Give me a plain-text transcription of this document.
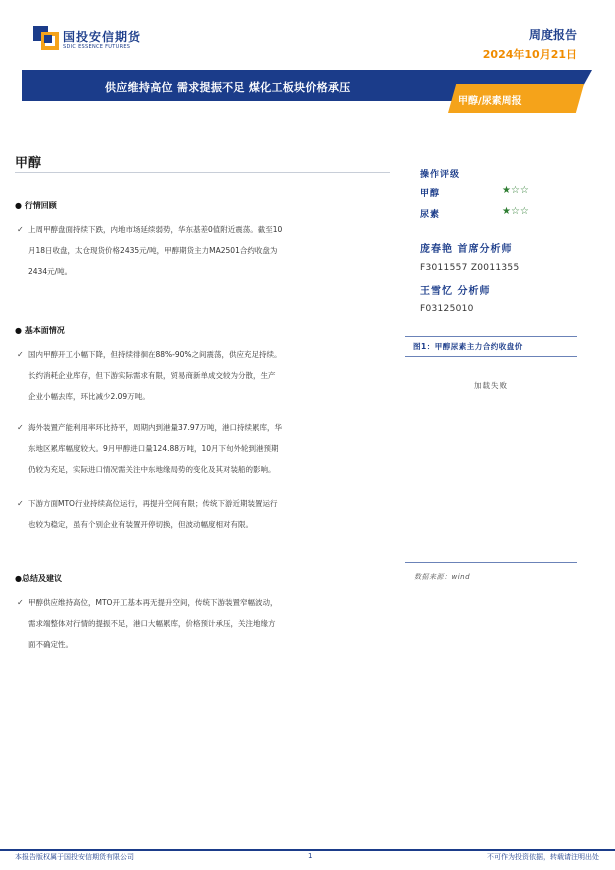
国投安信期货
SDIC ESSENCE FUTURES
周度报告
2024年10月21日
供应维持高位 需求提振不足 煤化工板块价格承压
甲醇/尿素周报
甲醇
● 行情回顾
✓ 上周甲醇盘面持续下跌，内地市场延续弱势，华东基差0值附近震荡。截至10
月18日收盘，太仓现货价格2435元/吨，甲醇期货主力MA2501合约收盘为
2434元/吨。
● 基本面情况
✓ 国内甲醇开工小幅下降，但持续徘徊在88%-90%之间震荡，供应充足持续。
长约消耗企业库存，但下游实际需求有限，贸易商新单成交较为分散，生产
企业小幅去库，环比减少2.09万吨。
✓ 海外装置产能利用率环比持平，周期内到港量37.97万吨，港口持续累库，华
东地区累库幅度较大。9月甲醇进口量124.88万吨，10月下旬外轮到港预期
仍较为充足，实际进口情况需关注中东地缘局势的变化及其对装船的影响。
✓ 下游方面MTO行业持续高位运行，再提升空间有限；传统下游近期装置运行
也较为稳定，虽有个别企业有装置开停切换，但波动幅度相对有限。
●总结及建议
✓ 甲醇供应维持高位，MTO开工基本再无提升空间，传统下游装置窄幅波动，
需求端整体对行情的提振不足，港口大幅累库，价格预计承压，关注地缘方
面不确定性。
操作评级
甲醇	★☆☆
尿素	★☆☆
庞春艳 首席分析师
F3011557 Z0011355
王雪忆 分析师
F03125010
图1：甲醇尿素主力合约收盘价
加载失败
数据来源：wind
本报告版权属于国投安信期货有限公司	1	不可作为投资依据，转载请注明出处
